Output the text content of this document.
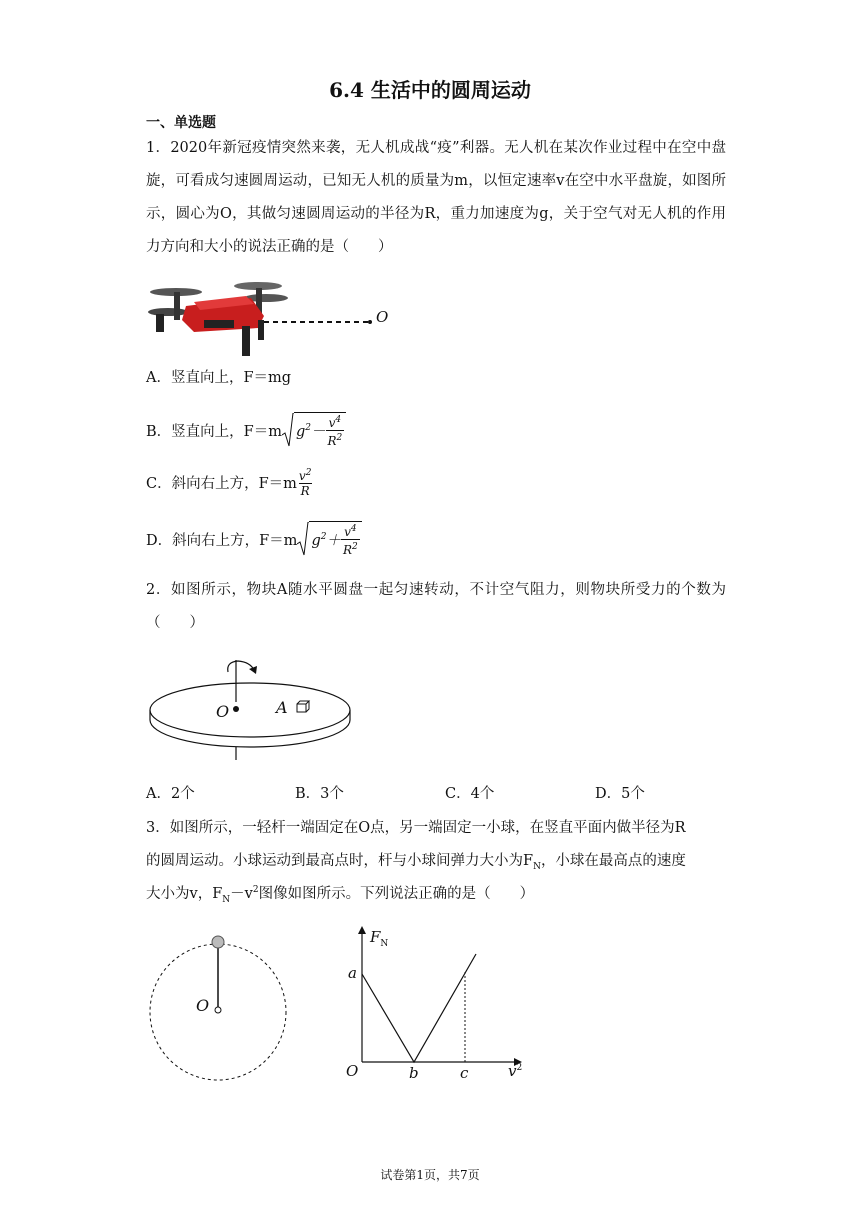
6.4 生活中的圆周运动
一、单选题
1．2020年新冠疫情突然来袭，无人机成战“疫”利器。无人机在某次作业过程中在空中盘旋，可看成匀速圆周运动，已知无人机的质量为m，以恒定速率v在空中水平盘旋，如图所示，圆心为O，其做匀速圆周运动的半径为R，重力加速度为g，关于空气对无人机的作用力方向和大小的说法正确的是（　　）
O
A．竖直向上，F＝mg
B．竖直向上，F＝m $g^2- \frac{v^4}{R^2}$
C．斜向右上方，$F=m \frac{v^2}{R}$
D．斜向右上方，F＝m $g^2+ \frac{v^4}{R^2}$
2．如图所示，物块A随水平圆盘一起匀速转动，不计空气阻力，则物块所受力的个数为（　　）
O	A
A．2个	B．3个	C．4个	D．5个
3．如图所示，一轻杆一端固定在O点，另一端固定一小球，在竖直平面内做半径为R
的圆周运动。小球运动到最高点时，杆与小球间弹力大小为$F_N$，小球在最高点的速度
大小为v，$F_N-v^2$图像如图所示。下列说法正确的是（　　）
O
$F_N$
a
O	b	c	$v^2$
试卷第1页，共7页
